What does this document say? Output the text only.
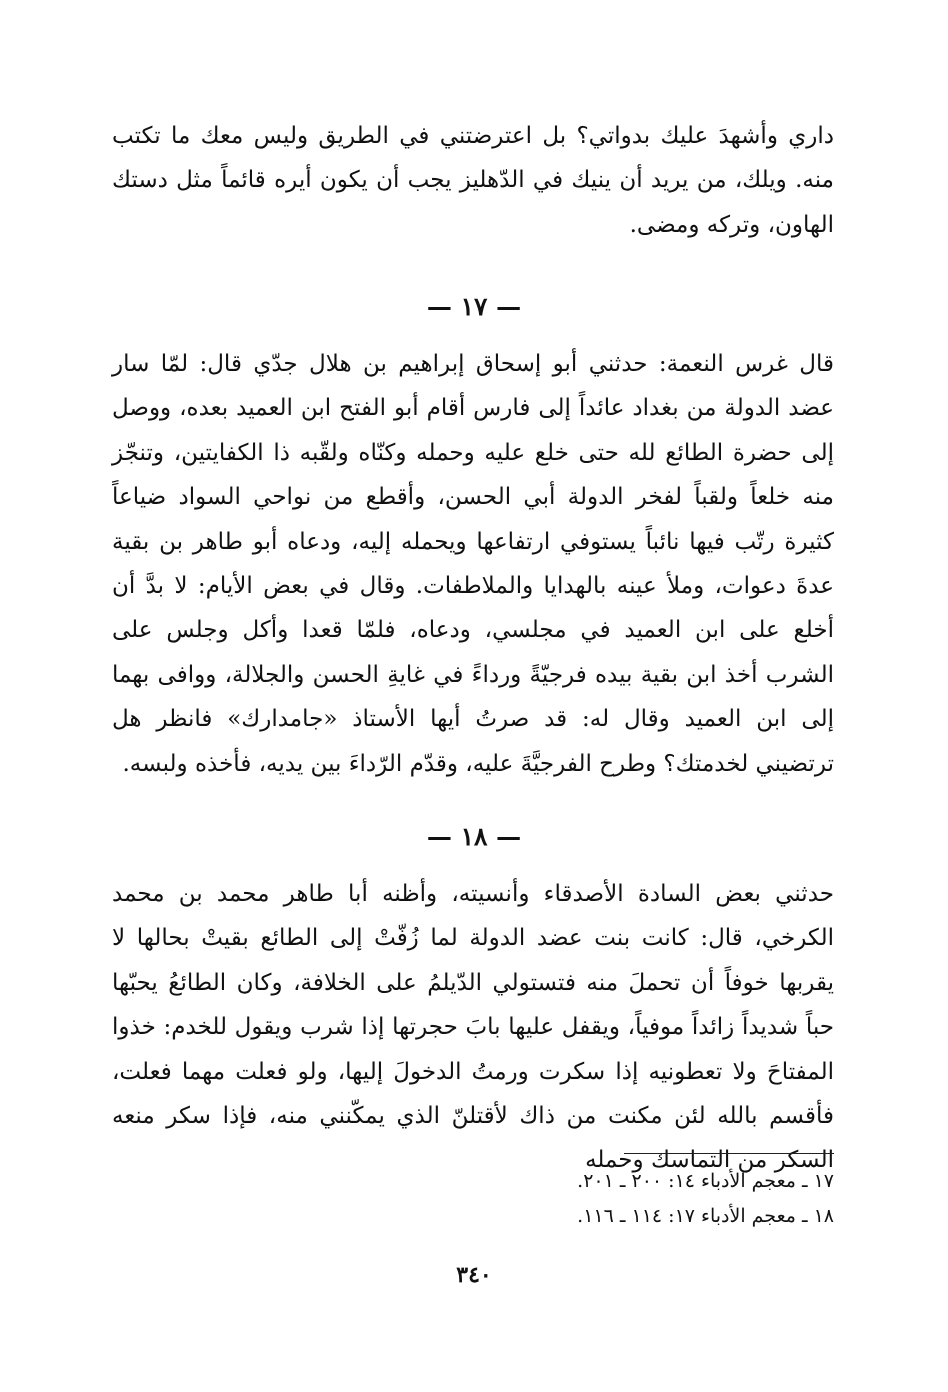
داري وأشهدَ عليك بدواتي؟ بل اعترضتني في الطريق وليس معك ما تكتب منه. ويلك، من يريد أن ينيك في الدّهليز يجب أن يكون أيره قائماً مثل دستك الهاون، وتركه ومضى.

— ١٧ —

قال غرس النعمة: حدثني أبو إسحاق إبراهيم بن هلال جدّي قال: لمّا سار عضد الدولة من بغداد عائداً إلى فارس أقام أبو الفتح ابن العميد بعده، ووصل إلى حضرة الطائع لله حتى خلع عليه وحمله وكنّاه ولقّبه ذا الكفايتين، وتنجّز منه خلعاً ولقباً لفخر الدولة أبي الحسن، وأقطع من نواحي السواد ضياعاً كثيرة رتّب فيها نائباً يستوفي ارتفاعها ويحمله إليه، ودعاه أبو طاهر بن بقية عدةَ دعوات، وملأ عينه بالهدايا والملاطفات. وقال في بعض الأيام: لا بدَّ أن أخلع على ابن العميد في مجلسي، ودعاه، فلمّا قعدا وأكل وجلس على الشرب أخذ ابن بقية بيده فرجيّةً ورداءً في غايةِ الحسن والجلالة، ووافى بهما إلى ابن العميد وقال له: قد صرتُ أيها الأستاذ «جامدارك» فانظر هل ترتضيني لخدمتك؟ وطرح الفرجيَّةَ عليه، وقدّم الرّداءَ بين يديه، فأخذه ولبسه.

— ١٨ —

حدثني بعض السادة الأصدقاء وأنسيته، وأظنه أبا طاهر محمد بن محمد الكرخي، قال: كانت بنت عضد الدولة لما زُفّتْ إلى الطائع بقيتْ بحالها لا يقربها خوفاً أن تحملَ منه فتستولي الدّيلمُ على الخلافة، وكان الطائعُ يحبّها حباً شديداً زائداً موفياً، ويقفل عليها بابَ حجرتها إذا شرب ويقول للخدم: خذوا المفتاحَ ولا تعطونيه إذا سكرت ورمتُ الدخولَ إليها، ولو فعلت مهما فعلت، فأقسم بالله لئن مكنت من ذاك لأقتلنّ الذي يمكّنني منه، فإذا سكر منعه السكر من التماسك وحمله

١٧ ـ معجم الأدباء ١٤: ٢٠٠ ـ ٢٠١.
١٨ ـ معجم الأدباء ١٧: ١١٤ ـ ١١٦.
٣٤٠
